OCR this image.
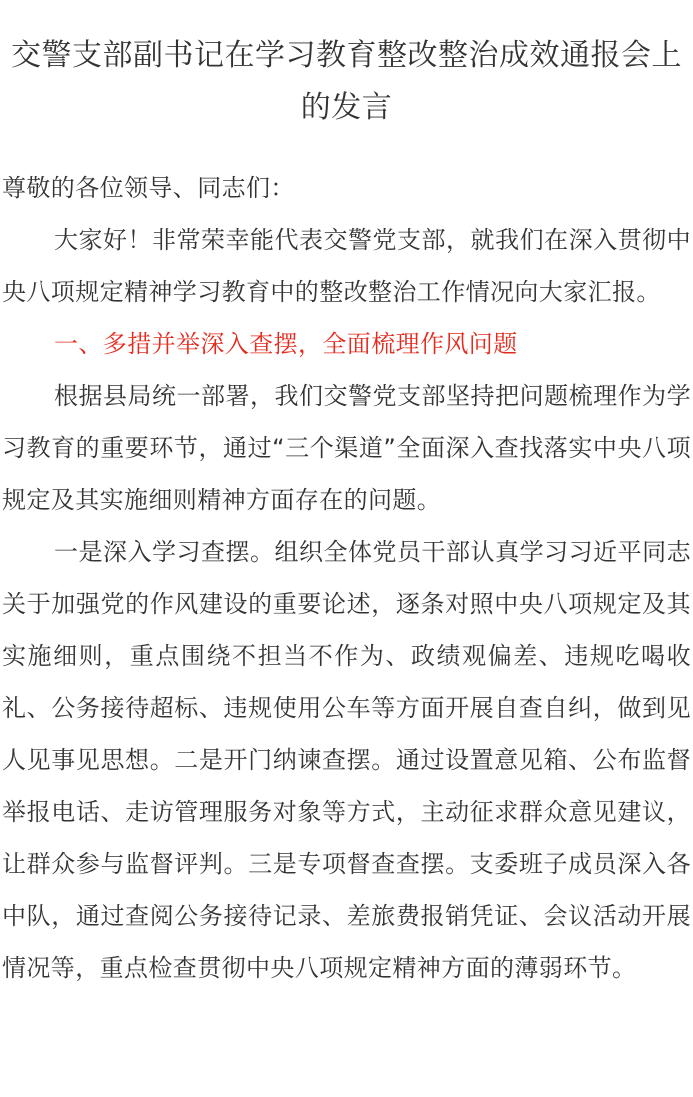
交警支部副书记在学习教育整改整治成效通报会上的发言

尊敬的各位领导、同志们：

大家好！非常荣幸能代表交警党支部，就我们在深入贯彻中央八项规定精神学习教育中的整改整治工作情况向大家汇报。

一、多措并举深入查摆，全面梳理作风问题

根据县局统一部署，我们交警党支部坚持把问题梳理作为学习教育的重要环节，通过“三个渠道”全面深入查找落实中央八项规定及其实施细则精神方面存在的问题。

一是深入学习查摆。组织全体党员干部认真学习习近平同志关于加强党的作风建设的重要论述，逐条对照中央八项规定及其实施细则，重点围绕不担当不作为、政绩观偏差、违规吃喝收礼、公务接待超标、违规使用公车等方面开展自查自纠，做到见人见事见思想。二是开门纳谏查摆。通过设置意见箱、公布监督举报电话、走访管理服务对象等方式，主动征求群众意见建议，让群众参与监督评判。三是专项督查查摆。支委班子成员深入各中队，通过查阅公务接待记录、差旅费报销凭证、会议活动开展情况等，重点检查贯彻中央八项规定精神方面的薄弱环节。
